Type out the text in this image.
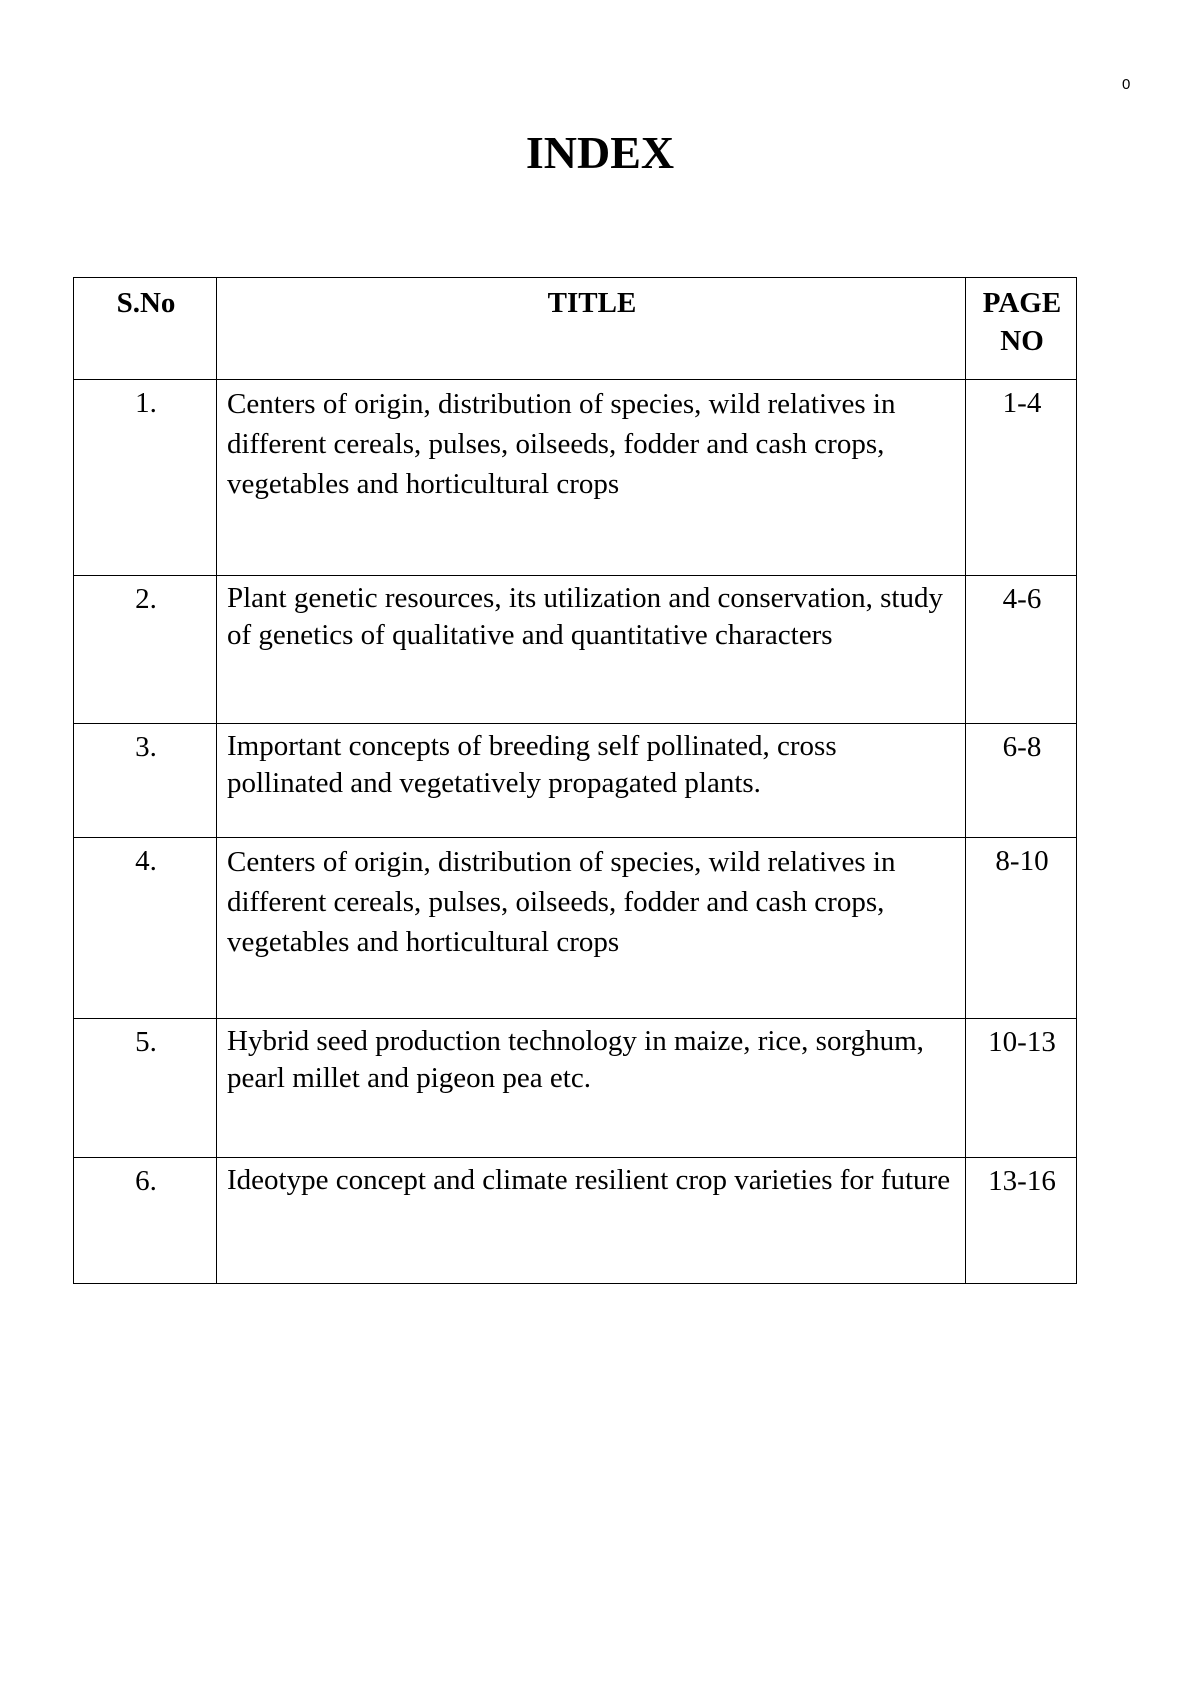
0
INDEX
S.No	TITLE	PAGE NO
1.	Centers of origin, distribution of species, wild relatives in different cereals, pulses, oilseeds, fodder and cash crops, vegetables and horticultural crops	1-4
2.	Plant genetic resources, its utilization and conservation, study of genetics of qualitative and quantitative characters	4-6
3.	Important concepts of breeding self pollinated, cross pollinated and vegetatively propagated plants.	6-8
4.	Centers of origin, distribution of species, wild relatives in different cereals, pulses, oilseeds, fodder and cash crops, vegetables and horticultural crops	8-10
5.	Hybrid seed production technology in maize, rice, sorghum, pearl millet and pigeon pea etc.	10-13
6.	Ideotype concept and climate resilient crop varieties for future	13-16
